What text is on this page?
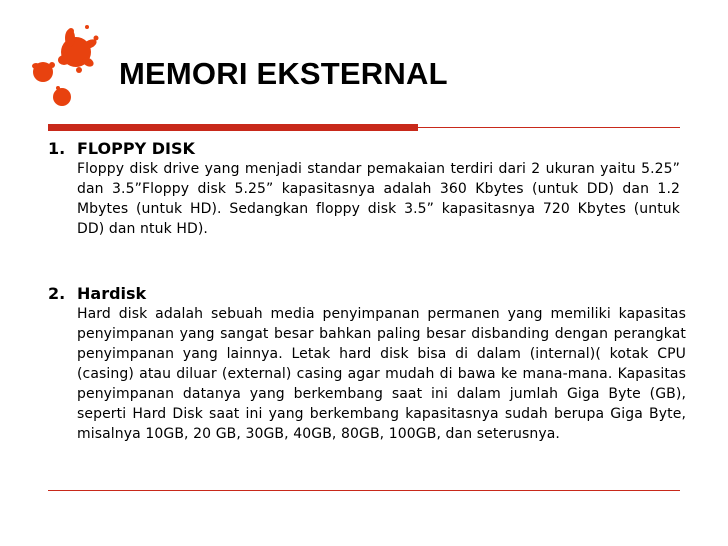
MEMORI EKSTERNAL

1. FLOPPY DISK

Floppy disk drive yang menjadi standar pemakaian terdiri dari 2 ukuran yaitu 5.25” dan 3.5”Floppy disk 5.25” kapasitasnya adalah 360 Kbytes (untuk DD) dan 1.2 Mbytes (untuk HD). Sedangkan floppy disk 3.5” kapasitasnya 720 Kbytes (untuk DD) dan ntuk HD).

2. Hardisk

Hard disk adalah sebuah media penyimpanan permanen yang memiliki kapasitas penyimpanan yang sangat besar bahkan paling besar disbanding dengan perangkat penyimpanan yang lainnya. Letak hard disk bisa di dalam (internal)( kotak CPU (casing) atau diluar (external) casing agar mudah di bawa ke mana-mana. Kapasitas penyimpanan datanya yang berkembang saat ini dalam jumlah Giga Byte (GB), seperti Hard Disk saat ini yang berkembang kapasitasnya sudah berupa Giga Byte, misalnya 10GB, 20 GB, 30GB, 40GB, 80GB, 100GB, dan seterusnya.
